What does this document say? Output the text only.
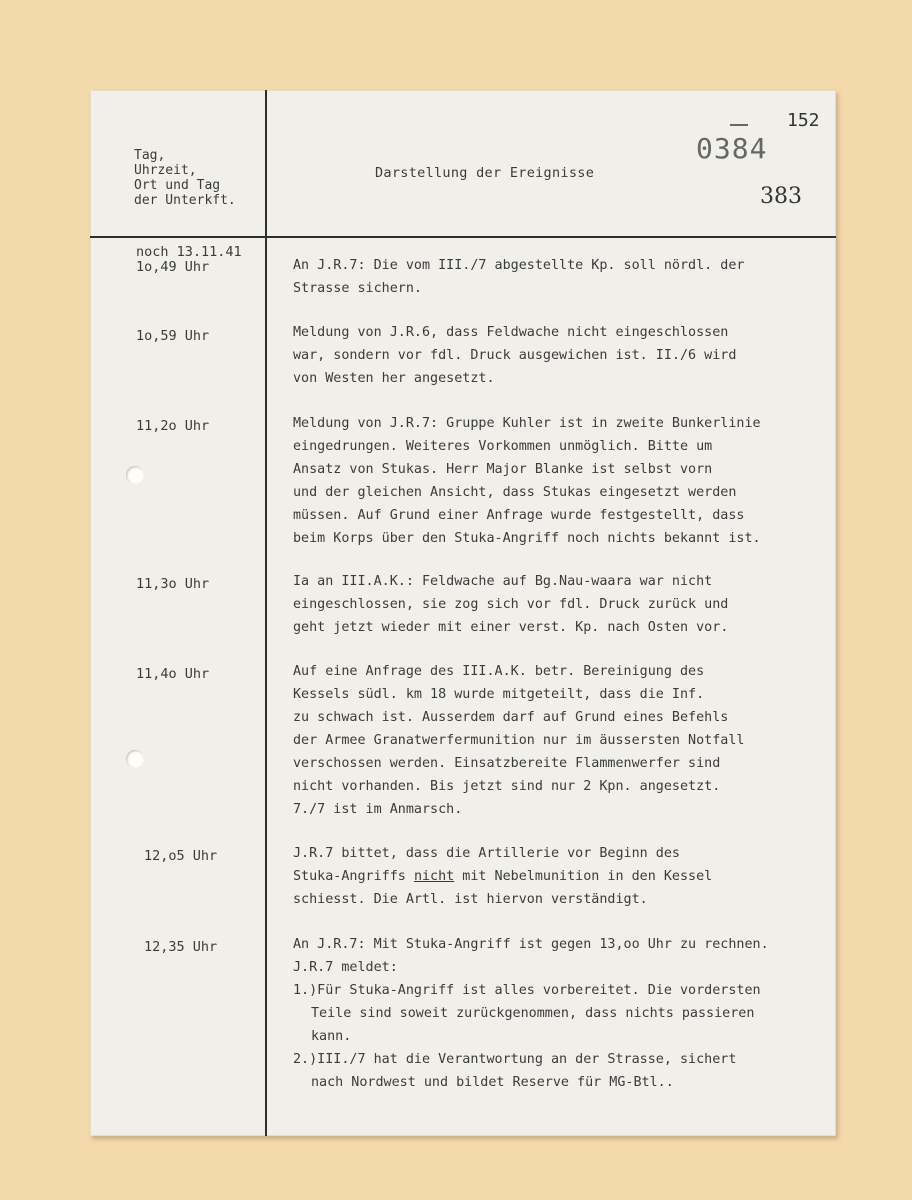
Tag,
Uhrzeit,
Ort und Tag
der Unterkft.
Darstellung der Ereignisse
152
0384
383
noch 13.11.41
1o,49 Uhr	An J.R.7: Die vom III./7 abgestellte Kp. soll nördl. der
Strasse sichern.
1o,59 Uhr	Meldung von J.R.6, dass Feldwache nicht eingeschlossen
war, sondern vor fdl. Druck ausgewichen ist. II./6 wird
von Westen her angesetzt.
11,2o Uhr	Meldung von J.R.7: Gruppe Kuhler ist in zweite Bunkerlinie
eingedrungen. Weiteres Vorkommen unmöglich. Bitte um
Ansatz von Stukas. Herr Major Blanke ist selbst vorn
und der gleichen Ansicht, dass Stukas eingesetzt werden
müssen. Auf Grund einer Anfrage wurde festgestellt, dass
beim Korps über den Stuka-Angriff noch nichts bekannt ist.
11,3o Uhr	Ia an III.A.K.: Feldwache auf Bg.Nau-waara war nicht
eingeschlossen, sie zog sich vor fdl. Druck zurück und
geht jetzt wieder mit einer verst. Kp. nach Osten vor.
11,4o Uhr	Auf eine Anfrage des III.A.K. betr. Bereinigung des
Kessels südl. km 18 wurde mitgeteilt, dass die Inf.
zu schwach ist. Ausserdem darf auf Grund eines Befehls
der Armee Granatwerfermunition nur im äussersten Notfall
verschossen werden. Einsatzbereite Flammenwerfer sind
nicht vorhanden. Bis jetzt sind nur 2 Kpn. angesetzt.
7./7 ist im Anmarsch.
12,o5 Uhr	J.R.7 bittet, dass die Artillerie vor Beginn des
Stuka-Angriffs nicht mit Nebelmunition in den Kessel
schiesst. Die Artl. ist hiervon verständigt.
12,35 Uhr	An J.R.7: Mit Stuka-Angriff ist gegen 13,oo Uhr zu rechnen.
J.R.7 meldet:
1.)Für Stuka-Angriff ist alles vorbereitet. Die vordersten
Teile sind soweit zurückgenommen, dass nichts passieren
kann.
2.)III./7 hat die Verantwortung an der Strasse, sichert
nach Nordwest und bildet Reserve für MG-Btl..
